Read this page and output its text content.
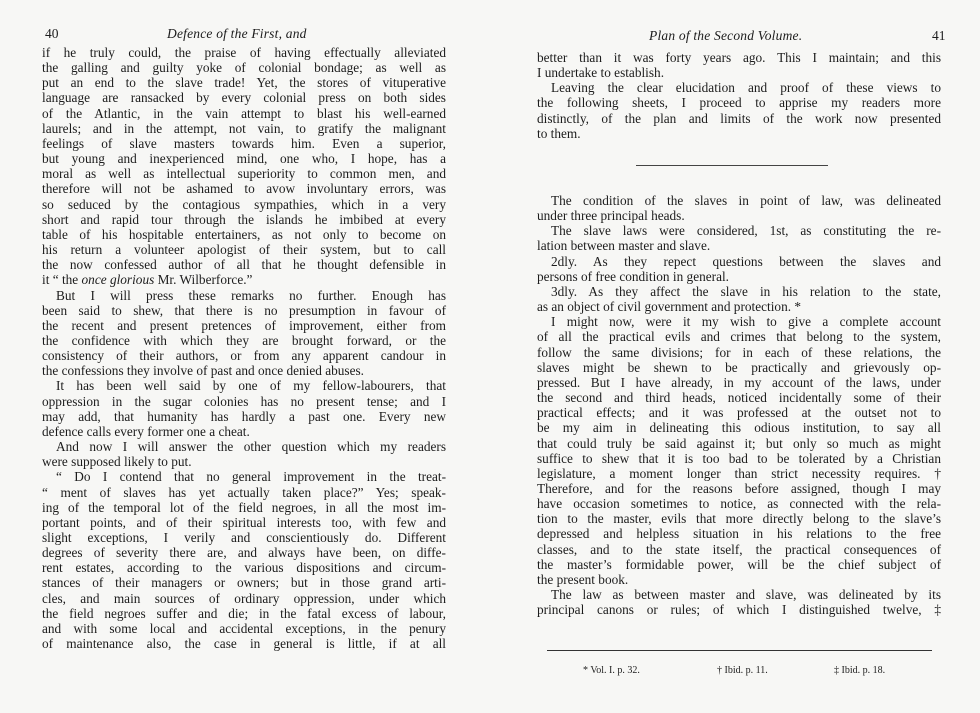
40	Defence of the First, and
if he truly could, the praise of having effectually alleviated
the galling and guilty yoke of colonial bondage; as well as
put an end to the slave trade! Yet, the stores of vituperative
language are ransacked by every colonial press on both sides
of the Atlantic, in the vain attempt to blast his well-earned
laurels; and in the attempt, not vain, to gratify the malignant
feelings of slave masters towards him. Even a superior,
but young and inexperienced mind, one who, I hope, has a
moral as well as intellectual superiority to common men, and
therefore will not be ashamed to avow involuntary errors, was
so seduced by the contagious sympathies, which in a very
short and rapid tour through the islands he imbibed at every
table of his hospitable entertainers, as not only to become on
his return a volunteer apologist of their system, but to call
the now confessed author of all that he thought defensible in
it “ the once glorious Mr. Wilberforce.”
But I will press these remarks no further. Enough has
been said to shew, that there is no presumption in favour of
the recent and present pretences of improvement, either from
the confidence with which they are brought forward, or the
consistency of their authors, or from any apparent candour in
the confessions they involve of past and once denied abuses.
It has been well said by one of my fellow-labourers, that
oppression in the sugar colonies has no present tense; and I
may add, that humanity has hardly a past one. Every new
defence calls every former one a cheat.
And now I will answer the other question which my readers
were supposed likely to put.
“ Do I contend that no general improvement in the treat-
“ ment of slaves has yet actually taken place?” Yes; speak-
ing of the temporal lot of the field negroes, in all the most im-
portant points, and of their spiritual interests too, with few and
slight exceptions, I verily and conscientiously do. Different
degrees of severity there are, and always have been, on diffe-
rent estates, according to the various dispositions and circum-
stances of their managers or owners; but in those grand arti-
cles, and main sources of ordinary oppression, under which
the field negroes suffer and die; in the fatal excess of labour,
and with some local and accidental exceptions, in the penury
of maintenance also, the case in general is little, if at all
Plan of the Second Volume.	41
better than it was forty years ago. This I maintain; and this
I undertake to establish.
Leaving the clear elucidation and proof of these views to
the following sheets, I proceed to apprise my readers more
distinctly, of the plan and limits of the work now presented
to them.
The condition of the slaves in point of law, was delineated
under three principal heads.
The slave laws were considered, 1st, as constituting the re-
lation between master and slave.
2dly. As they repect questions between the slaves and
persons of free condition in general.
3dly. As they affect the slave in his relation to the state,
as an object of civil government and protection. *
I might now, were it my wish to give a complete account
of all the practical evils and crimes that belong to the system,
follow the same divisions; for in each of these relations, the
slaves might be shewn to be practically and grievously op-
pressed. But I have already, in my account of the laws, under
the second and third heads, noticed incidentally some of their
practical effects; and it was professed at the outset not to
be my aim in delineating this odious institution, to say all
that could truly be said against it; but only so much as might
suffice to shew that it is too bad to be tolerated by a Christian
legislature, a moment longer than strict necessity requires. †
Therefore, and for the reasons before assigned, though I may
have occasion sometimes to notice, as connected with the rela-
tion to the master, evils that more directly belong to the slave’s
depressed and helpless situation in his relations to the free
classes, and to the state itself, the practical consequences of
the master’s formidable power, will be the chief subject of
the present book.
The law as between master and slave, was delineated by its
principal canons or rules; of which I distinguished twelve, ‡
* Vol. I. p. 32.	† Ibid. p. 11.	‡ Ibid. p. 18.
